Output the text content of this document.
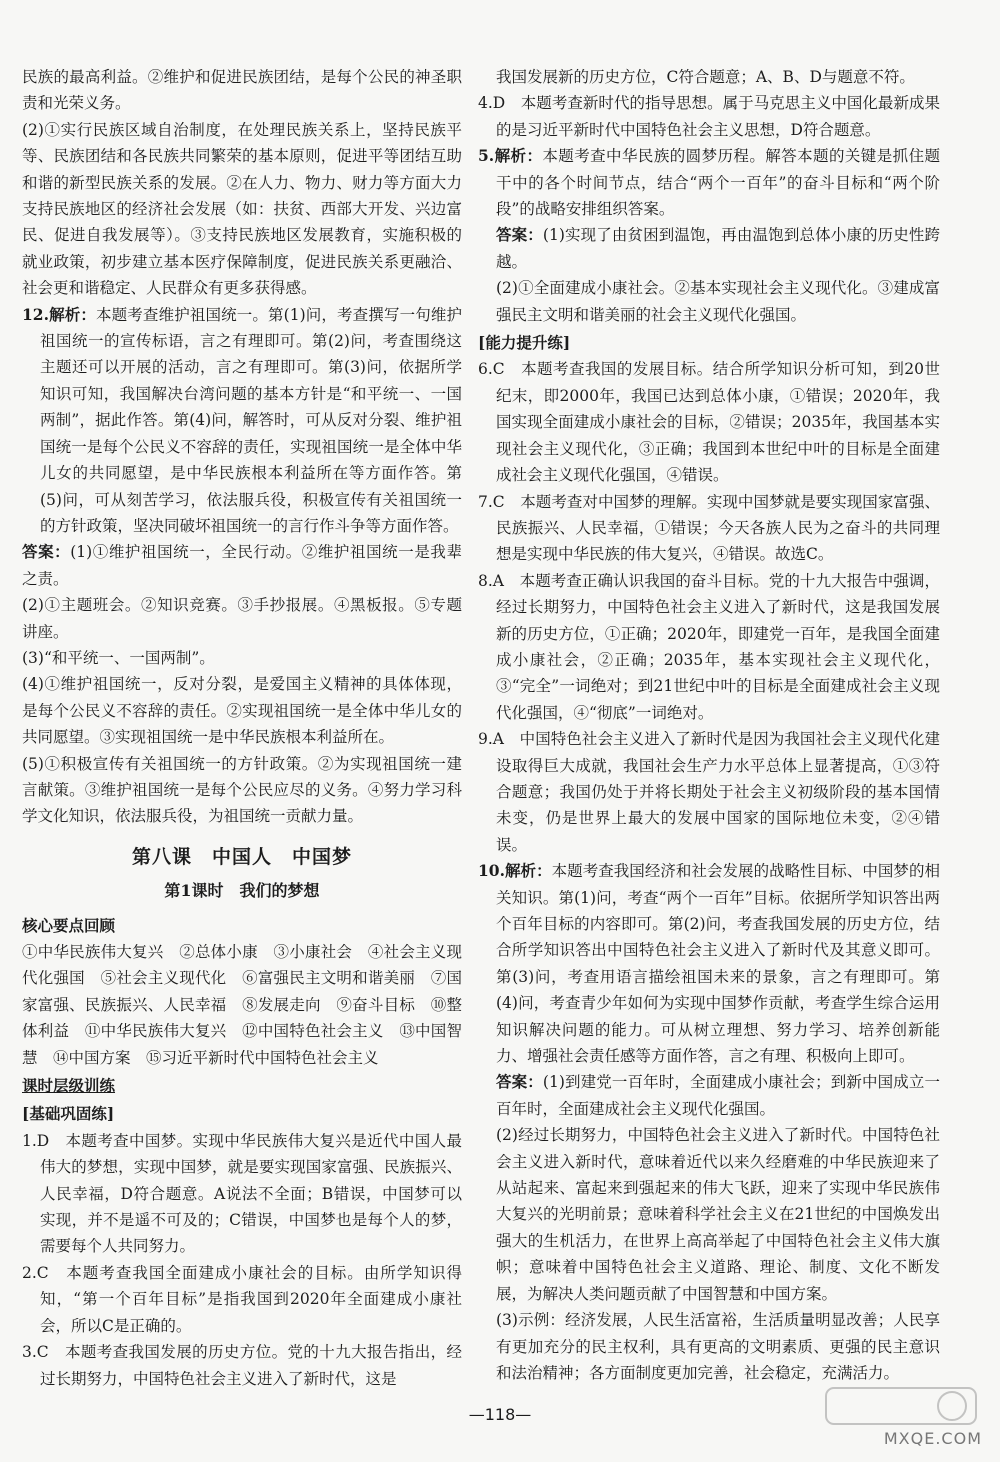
民族的最高利益。②维护和促进民族团结，是每个公民的神圣职责和光荣义务。

(2)①实行民族区域自治制度，在处理民族关系上，坚持民族平等、民族团结和各民族共同繁荣的基本原则，促进平等团结互助和谐的新型民族关系的发展。②在人力、物力、财力等方面大力支持民族地区的经济社会发展（如：扶贫、西部大开发、兴边富民、促进自我发展等）。③支持民族地区发展教育，实施积极的就业政策，初步建立基本医疗保障制度，促进民族关系更融洽、社会更和谐稳定、人民群众有更多获得感。

12.解析：本题考查维护祖国统一。第(1)问，考查撰写一句维护祖国统一的宣传标语，言之有理即可。第(2)问，考查围绕这主题还可以开展的活动，言之有理即可。第(3)问，依据所学知识可知，我国解决台湾问题的基本方针是“和平统一、一国两制”，据此作答。第(4)问，解答时，可从反对分裂、维护祖国统一是每个公民义不容辞的责任，实现祖国统一是全体中华儿女的共同愿望，是中华民族根本利益所在等方面作答。第(5)问，可从刻苦学习，依法服兵役，积极宣传有关祖国统一的方针政策，坚决同破坏祖国统一的言行作斗争等方面作答。

答案：(1)①维护祖国统一，全民行动。②维护祖国统一是我辈之责。

(2)①主题班会。②知识竞赛。③手抄报展。④黑板报。⑤专题讲座。

(3)“和平统一、一国两制”。

(4)①维护祖国统一，反对分裂，是爱国主义精神的具体体现，是每个公民义不容辞的责任。②实现祖国统一是全体中华儿女的共同愿望。③实现祖国统一是中华民族根本利益所在。

(5)①积极宣传有关祖国统一的方针政策。②为实现祖国统一建言献策。③维护祖国统一是每个公民应尽的义务。④努力学习科学文化知识，依法服兵役，为祖国统一贡献力量。

第八课　中国人　中国梦
第1课时　我们的梦想

核心要点回顾

①中华民族伟大复兴　②总体小康　③小康社会　④社会主义现代化强国　⑤社会主义现代化　⑥富强民主文明和谐美丽　⑦国家富强、民族振兴、人民幸福　⑧发展走向　⑨奋斗目标　⑩整体利益　⑪中华民族伟大复兴　⑫中国特色社会主义　⑬中国智慧　⑭中国方案　⑮习近平新时代中国特色社会主义

课时层级训练

[基础巩固练]

1.D　本题考查中国梦。实现中华民族伟大复兴是近代中国人最伟大的梦想，实现中国梦，就是要实现国家富强、民族振兴、人民幸福，D符合题意。A说法不全面；B错误，中国梦可以实现，并不是遥不可及的；C错误，中国梦也是每个人的梦，需要每个人共同努力。

2.C　本题考查我国全面建成小康社会的目标。由所学知识得知，“第一个百年目标”是指我国到2020年全面建成小康社会，所以C是正确的。

3.C　本题考查我国发展的历史方位。党的十九大报告指出，经过长期努力，中国特色社会主义进入了新时代，这是

我国发展新的历史方位，C符合题意；A、B、D与题意不符。

4.D　本题考查新时代的指导思想。属于马克思主义中国化最新成果的是习近平新时代中国特色社会主义思想，D符合题意。

5.解析：本题考查中华民族的圆梦历程。解答本题的关键是抓住题干中的各个时间节点，结合“两个一百年”的奋斗目标和“两个阶段”的战略安排组织答案。

答案：(1)实现了由贫困到温饱，再由温饱到总体小康的历史性跨越。

(2)①全面建成小康社会。②基本实现社会主义现代化。③建成富强民主文明和谐美丽的社会主义现代化强国。

[能力提升练]

6.C　本题考查我国的发展目标。结合所学知识分析可知，到20世纪末，即2000年，我国已达到总体小康，①错误；2020年，我国实现全面建成小康社会的目标，②错误；2035年，我国基本实现社会主义现代化，③正确；我国到本世纪中叶的目标是全面建成社会主义现代化强国，④错误。

7.C　本题考查对中国梦的理解。实现中国梦就是要实现国家富强、民族振兴、人民幸福，①错误；今天各族人民为之奋斗的共同理想是实现中华民族的伟大复兴，④错误。故选C。

8.A　本题考查正确认识我国的奋斗目标。党的十九大报告中强调，经过长期努力，中国特色社会主义进入了新时代，这是我国发展新的历史方位，①正确；2020年，即建党一百年，是我国全面建成小康社会，②正确；2035年，基本实现社会主义现代化，③“完全”一词绝对；到21世纪中叶的目标是全面建成社会主义现代化强国，④“彻底”一词绝对。

9.A　中国特色社会主义进入了新时代是因为我国社会主义现代化建设取得巨大成就，我国社会生产力水平总体上显著提高，①③符合题意；我国仍处于并将长期处于社会主义初级阶段的基本国情未变，仍是世界上最大的发展中国家的国际地位未变，②④错误。

10.解析：本题考查我国经济和社会发展的战略性目标、中国梦的相关知识。第(1)问，考查“两个一百年”目标。依据所学知识答出两个百年目标的内容即可。第(2)问，考查我国发展的历史方位，结合所学知识答出中国特色社会主义进入了新时代及其意义即可。第(3)问，考查用语言描绘祖国未来的景象，言之有理即可。第(4)问，考查青少年如何为实现中国梦作贡献，考查学生综合运用知识解决问题的能力。可从树立理想、努力学习、培养创新能力、增强社会责任感等方面作答，言之有理、积极向上即可。

答案：(1)到建党一百年时，全面建成小康社会；到新中国成立一百年时，全面建成社会主义现代化强国。

(2)经过长期努力，中国特色社会主义进入了新时代。中国特色社会主义进入新时代，意味着近代以来久经磨难的中华民族迎来了从站起来、富起来到强起来的伟大飞跃，迎来了实现中华民族伟大复兴的光明前景；意味着科学社会主义在21世纪的中国焕发出强大的生机活力，在世界上高高举起了中国特色社会主义伟大旗帜；意味着中国特色社会主义道路、理论、制度、文化不断发展，为解决人类问题贡献了中国智慧和中国方案。

(3)示例：经济发展，人民生活富裕，生活质量明显改善；人民享有更加充分的民主权利，具有更高的文明素质、更强的民主意识和法治精神；各方面制度更加完善，社会稳定，充满活力。

—118—
MXQE.COM
